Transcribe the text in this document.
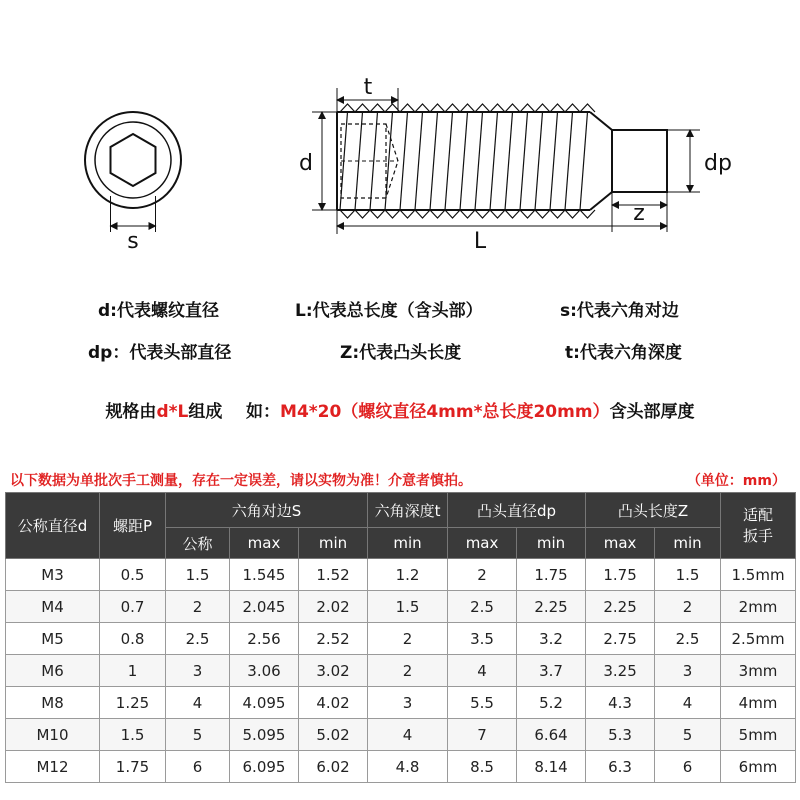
s
t
d	dp
z
L
d:代表螺纹直径	L:代表总长度（含头部）	s:代表六角对边
dp：代表头部直径	Z:代表凸头长度	t:代表六角深度
规格由d*L组成    如：M4*20（螺纹直径4mm*总长度20mm）含头部厚度
以下数据为单批次手工测量，存在一定误差，请以实物为准！介意者慎拍。	（单位：mm）
公称直径d	螺距P	六角对边S			六角深度t	凸头直径dp		凸头长度Z		适配扳手
		公称	max	min	min	max	min	max	min	
M3	0.5	1.5	1.545	1.52	1.2	2	1.75	1.75	1.5	1.5mm
M4	0.7	2	2.045	2.02	1.5	2.5	2.25	2.25	2	2mm
M5	0.8	2.5	2.56	2.52	2	3.5	3.2	2.75	2.5	2.5mm
M6	1	3	3.06	3.02	2	4	3.7	3.25	3	3mm
M8	1.25	4	4.095	4.02	3	5.5	5.2	4.3	4	4mm
M10	1.5	5	5.095	5.02	4	7	6.64	5.3	5	5mm
M12	1.75	6	6.095	6.02	4.8	8.5	8.14	6.3	6	6mm
